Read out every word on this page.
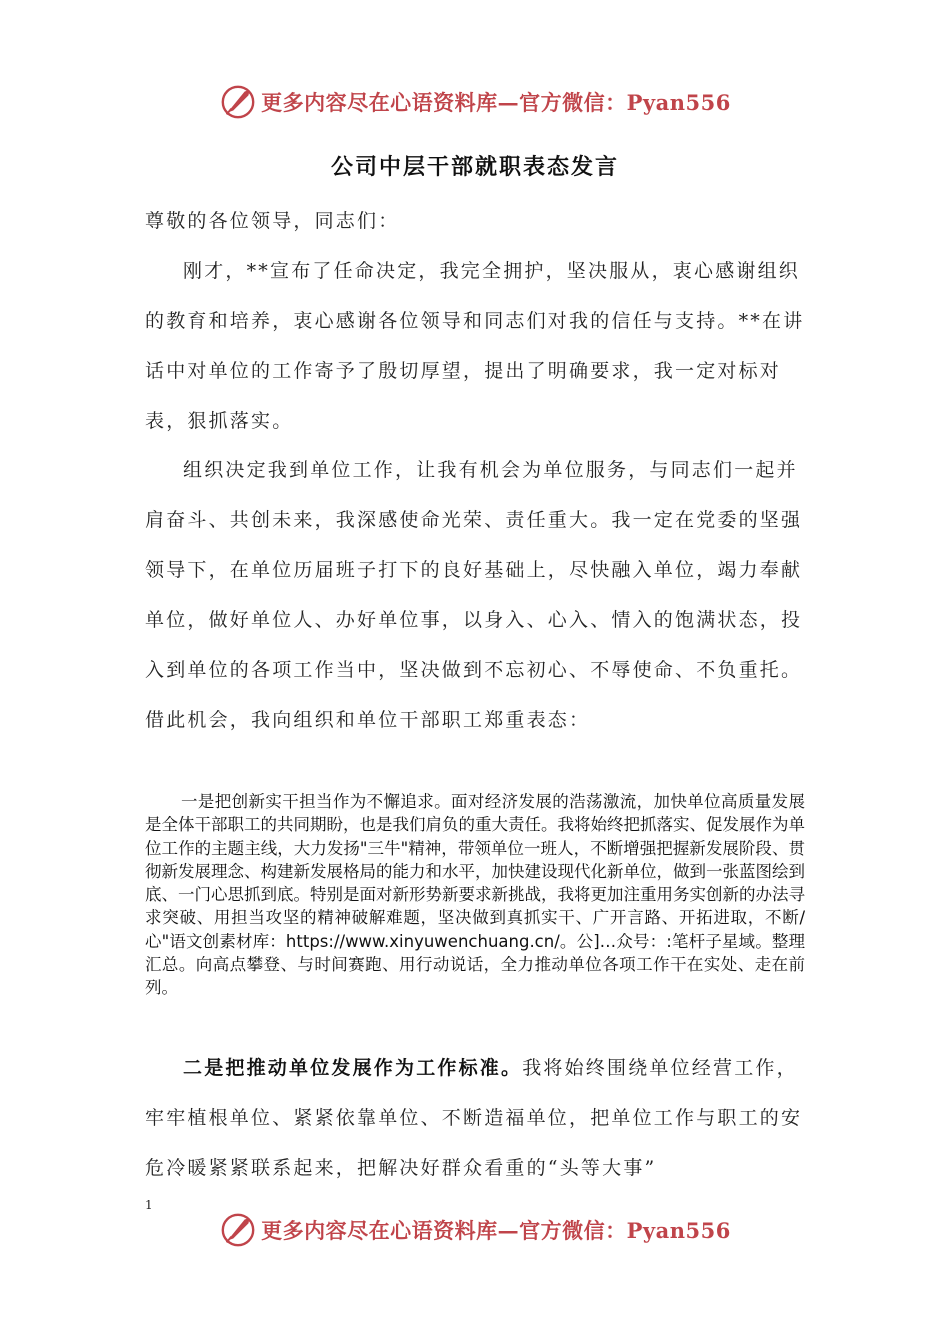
更多内容尽在心语资料库—官方微信：Pyan556
公司中层干部就职表态发言

尊敬的各位领导，同志们：

刚才，**宣布了任命决定，我完全拥护，坚决服从，衷心感谢组织的教育和培养，衷心感谢各位领导和同志们对我的信任与支持。**在讲话中对单位的工作寄予了殷切厚望，提出了明确要求，我一定对标对表，狠抓落实。

组织决定我到单位工作，让我有机会为单位服务，与同志们一起并肩奋斗、共创未来，我深感使命光荣、责任重大。我一定在党委的坚强领导下，在单位历届班子打下的良好基础上，尽快融入单位，竭力奉献单位，做好单位人、办好单位事，以身入、心入、情入的饱满状态，投入到单位的各项工作当中，坚决做到不忘初心、不辱使命、不负重托。借此机会，我向组织和单位干部职工郑重表态：

一是把创新实干担当作为不懈追求。面对经济发展的浩荡激流，加快单位高质量发展是全体干部职工的共同期盼，也是我们肩负的重大责任。我将始终把抓落实、促发展作为单位工作的主题主线，大力发扬"三牛"精神，带领单位一班人，不断增强把握新发展阶段、贯彻新发展理念、构建新发展格局的能力和水平，加快建设现代化新单位，做到一张蓝图绘到底、一门心思抓到底。特别是面对新形势新要求新挑战，我将更加注重用务实创新的办法寻求突破、用担当攻坚的精神破解难题，坚决做到真抓实干、广开言路、开拓进取，不断/心"语文创素材库：https://www.xinyuwenchuang.cn/。公]…众号：:笔杆子星域。整理汇总。向高点攀登、与时间赛跑、用行动说话，全力推动单位各项工作干在实处、走在前列。

二是把推动单位发展作为工作标准。我将始终围绕单位经营工作，牢牢植根单位、紧紧依靠单位、不断造福单位，把单位工作与职工的安危冷暖紧紧联系起来，把解决好群众看重的“头等大事”

1
更多内容尽在心语资料库—官方微信：Pyan556
